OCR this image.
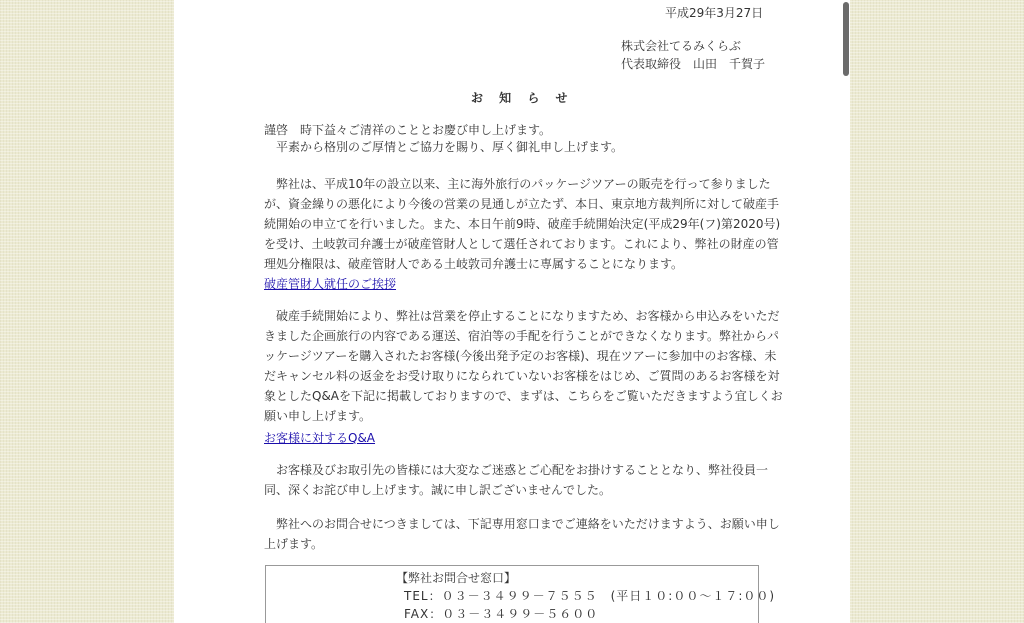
平成29年3月27日
株式会社てるみくらぶ
代表取締役　山田　千賀子
お 知 ら せ
謹啓　時下益々ご清祥のこととお慶び申し上げます。
平素から格別のご厚情とご協力を賜り、厚く御礼申し上げます。
弊社は、平成10年の設立以来、主に海外旅行のパッケージツアーの販売を行って参りました
が、資金繰りの悪化により今後の営業の見通しが立たず、本日、東京地方裁判所に対して破産手
続開始の申立てを行いました。また、本日午前9時、破産手続開始決定(平成29年(フ)第2020号)
を受け、土岐敦司弁護士が破産管財人として選任されております。これにより、弊社の財産の管
理処分権限は、破産管財人である土岐敦司弁護士に専属することになります。
破産管財人就任のご挨拶
破産手続開始により、弊社は営業を停止することになりますため、お客様から申込みをいただ
きました企画旅行の内容である運送、宿泊等の手配を行うことができなくなります。弊社からパ
ッケージツアーを購入されたお客様(今後出発予定のお客様)、現在ツアーに参加中のお客様、未
だキャンセル料の返金をお受け取りになられていないお客様をはじめ、ご質問のあるお客様を対
象としたQ&Aを下記に掲載しておりますので、まずは、こちらをご覧いただきますよう宜しくお
願い申し上げます。
お客様に対するQ&A
お客様及びお取引先の皆様には大変なご迷惑とご心配をお掛けすることとなり、弊社役員一
同、深くお詫び申し上げます。誠に申し訳ございませんでした。
弊社へのお問合せにつきましては、下記専用窓口までご連絡をいただけますよう、お願い申し
上げます。
【弊社お問合せ窓口】
TEL：０３－３４９９－７５５５　(平日１０:００～１７:００)
FAX：０３－３４９９－５６００
